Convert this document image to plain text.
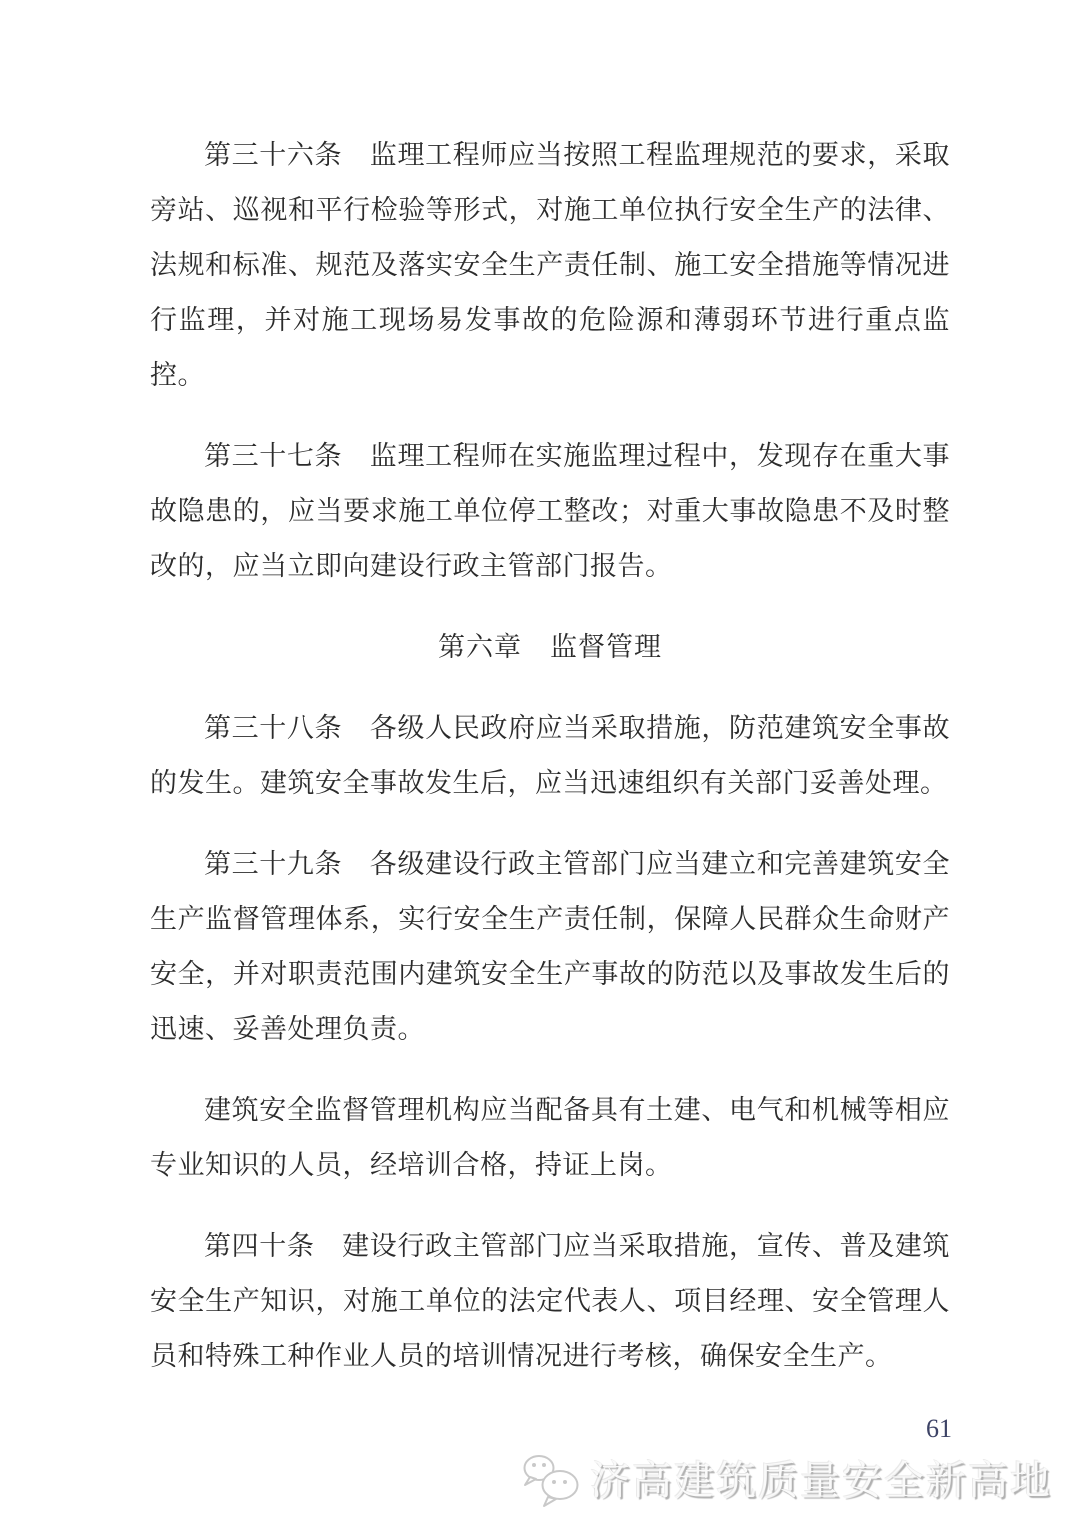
第三十六条　监理工程师应当按照工程监理规范的要求，采取旁站、巡视和平行检验等形式，对施工单位执行安全生产的法律、法规和标准、规范及落实安全生产责任制、施工安全措施等情况进行监理，并对施工现场易发事故的危险源和薄弱环节进行重点监控。

第三十七条　监理工程师在实施监理过程中，发现存在重大事故隐患的，应当要求施工单位停工整改；对重大事故隐患不及时整改的，应当立即向建设行政主管部门报告。

第六章　监督管理

第三十八条　各级人民政府应当采取措施，防范建筑安全事故的发生。建筑安全事故发生后，应当迅速组织有关部门妥善处理。

第三十九条　各级建设行政主管部门应当建立和完善建筑安全生产监督管理体系，实行安全生产责任制，保障人民群众生命财产安全，并对职责范围内建筑安全生产事故的防范以及事故发生后的迅速、妥善处理负责。

建筑安全监督管理机构应当配备具有土建、电气和机械等相应专业知识的人员，经培训合格，持证上岗。

第四十条　建设行政主管部门应当采取措施，宣传、普及建筑安全生产知识，对施工单位的法定代表人、项目经理、安全管理人员和特殊工种作业人员的培训情况进行考核，确保安全生产。

61
济高建筑质量安全新高地
